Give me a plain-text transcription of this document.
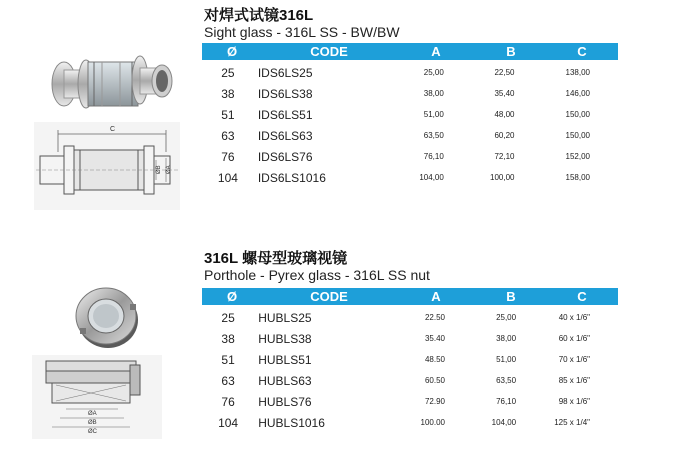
对焊式试镜316L
Sight glass - 316L SS - BW/BW
Ø	CODE	A	B	C
25	IDS6LS25	25,00	22,50	138,00
38	IDS6LS38	38,00	35,40	146,00
51	IDS6LS51	51,00	48,00	150,00
63	IDS6LS63	63,50	60,20	150,00
76	IDS6LS76	76,10	72,10	152,00
104	IDS6LS1016	104,00	100,00	158,00
C
ØB ØA
316L 螺母型玻璃视镜
Porthole - Pyrex glass - 316L SS nut
Ø	CODE	A	B	C
25	HUBLS25	22.50	25,00	40 x 1/6"
38	HUBLS38	35.40	38,00	60 x 1/6"
51	HUBLS51	48.50	51,00	70 x 1/6"
63	HUBLS63	60.50	63,50	85 x 1/6"
76	HUBLS76	72.90	76,10	98 x 1/6"
104	HUBLS1016	100.00	104,00	125 x 1/4"
ØA
ØB
ØC
